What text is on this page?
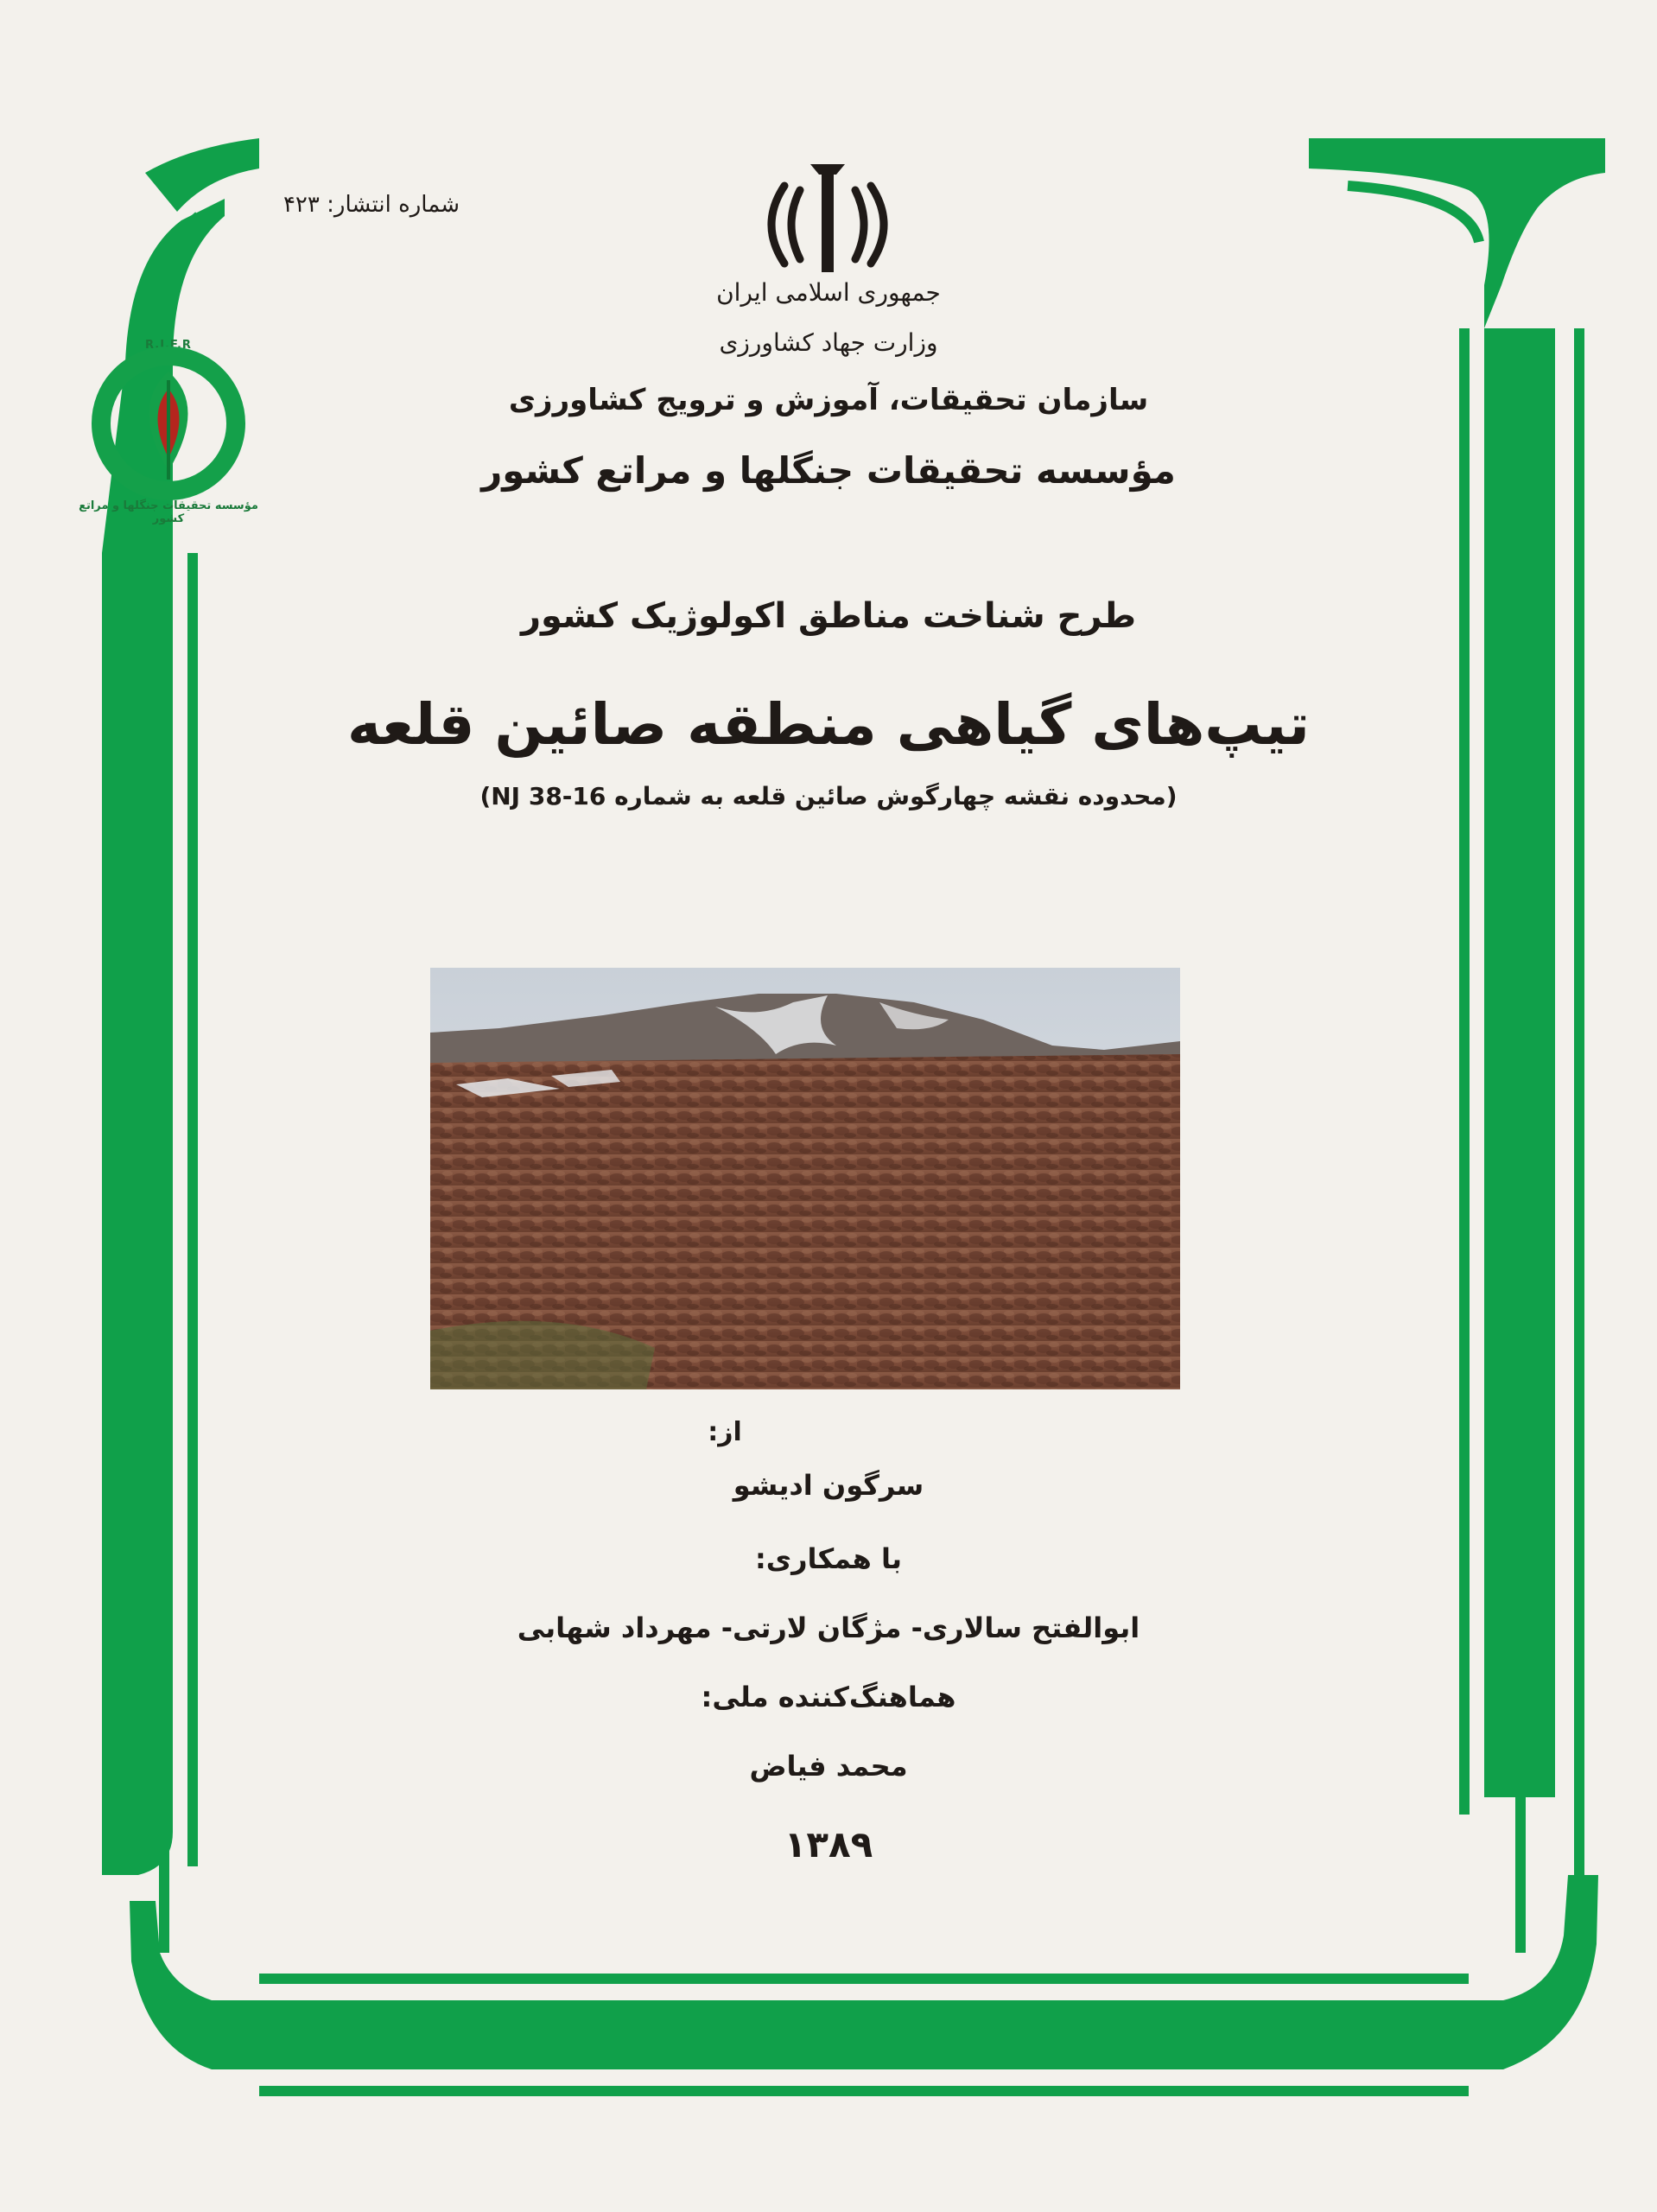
شماره انتشار: ۴۲۳
R.I.F.R
مؤسسه تحقیقات جنگلها و مراتع کشور
جمهوری اسلامی ایران
وزارت جهاد کشاورزی
سازمان تحقیقات، آموزش و ترویج کشاورزی
مؤسسه تحقیقات جنگلها و مراتع کشور
طرح شناخت مناطق اکولوژیک کشور
تیپ‌های گیاهی منطقه صائین قلعه
(محدوده نقشه چهارگوش صائین قلعه به شماره NJ 38-16)
از:
سرگون ادیشو
با همکاری:
ابوالفتح سالاری- مژگان لارتی- مهرداد شهابی
هماهنگ‌کننده ملی:
محمد فیاض
۱۳۸۹
